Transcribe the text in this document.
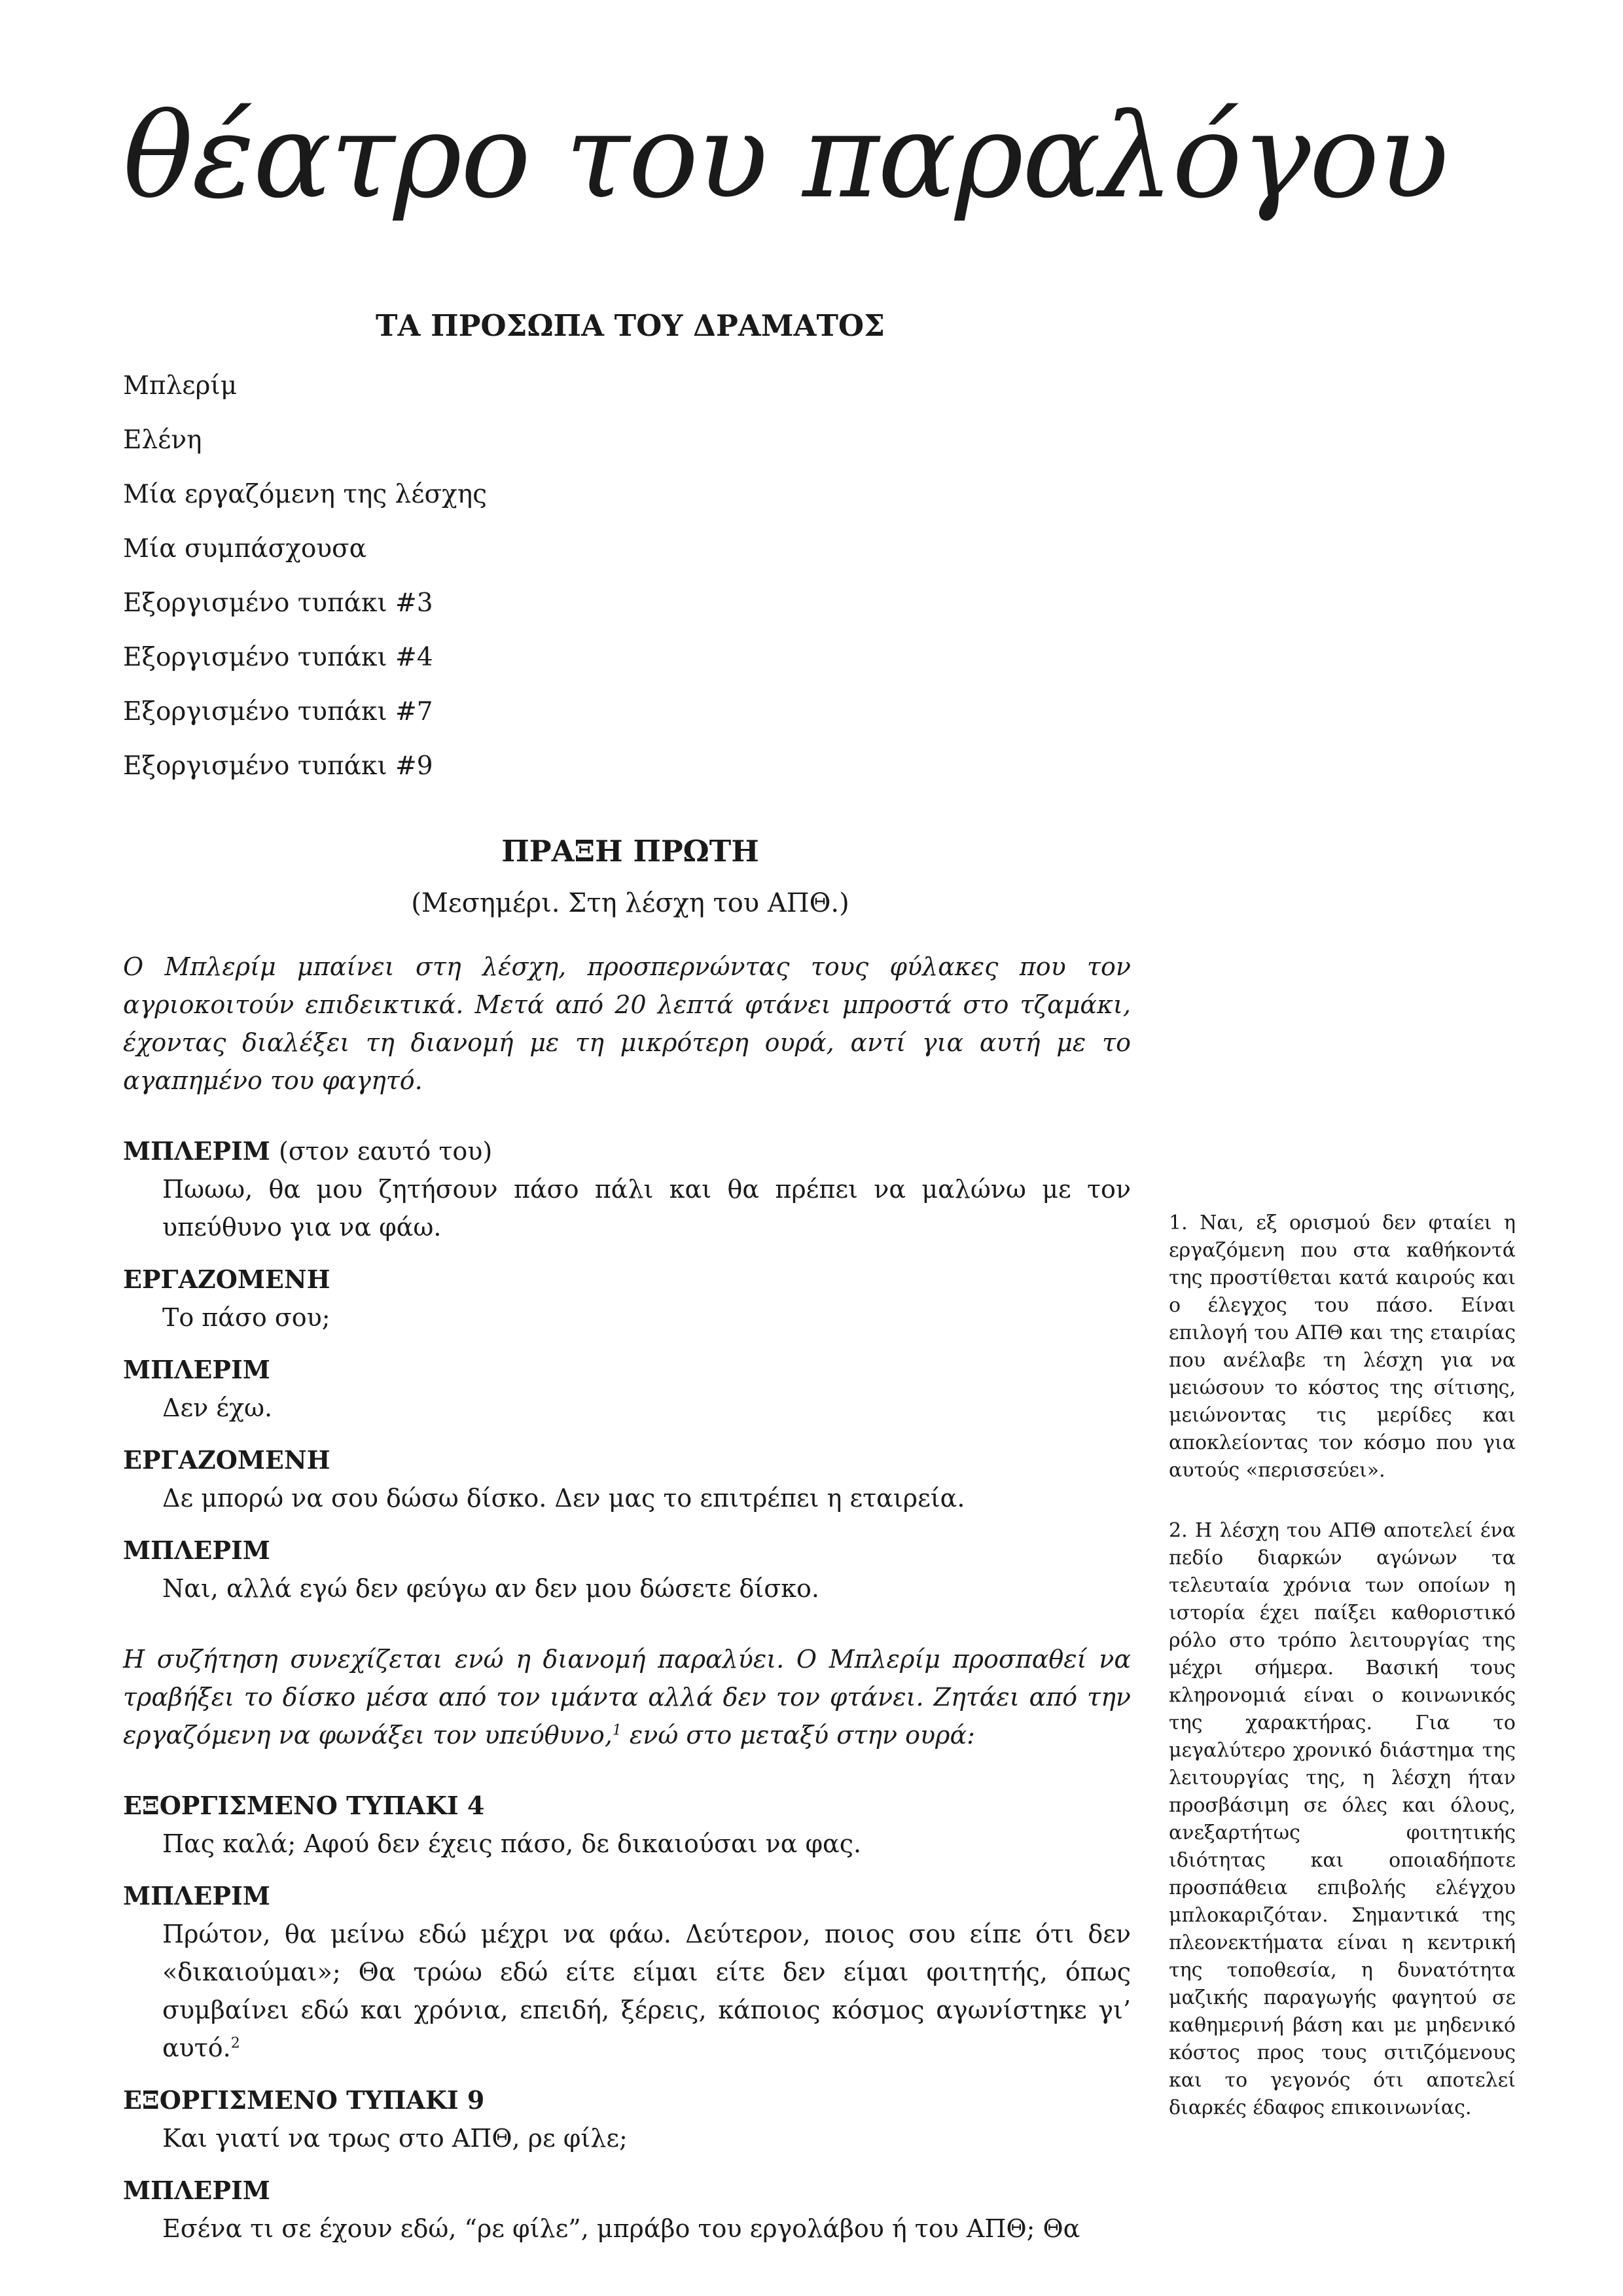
θέατρο του παραλόγου
ΤΑ ΠΡΟΣΩΠΑ ΤΟΥ ΔΡΑΜΑΤΟΣ
Μπλερίμ
Ελένη
Μία εργαζόμενη της λέσχης
Μία συμπάσχουσα
Εξοργισμένο τυπάκι #3
Εξοργισμένο τυπάκι #4
Εξοργισμένο τυπάκι #7
Εξοργισμένο τυπάκι #9
ΠΡΑΞΗ ΠΡΩΤΗ
(Μεσημέρι. Στη λέσχη του ΑΠΘ.)

Ο Μπλερίμ μπαίνει στη λέσχη, προσπερνώντας τους φύλακες που τον αγριοκοιτούν επιδεικτικά. Μετά από 20 λεπτά φτάνει μπροστά στο τζαμάκι, έχοντας διαλέξει τη διανομή με τη μικρότερη ουρά, αντί για αυτή με το αγαπημένο του φαγητό.

ΜΠΛΕΡΙΜ (στον εαυτό του)

Πωωω, θα μου ζητήσουν πάσο πάλι και θα πρέπει να μαλώνω με τον υπεύθυνο για να φάω.

ΕΡΓΑΖΟΜΕΝΗ

Το πάσο σου;

ΜΠΛΕΡΙΜ

Δεν έχω.

ΕΡΓΑΖΟΜΕΝΗ

Δε μπορώ να σου δώσω δίσκο. Δεν μας το επιτρέπει η εταιρεία.

ΜΠΛΕΡΙΜ

Ναι, αλλά εγώ δεν φεύγω αν δεν μου δώσετε δίσκο.

Η συζήτηση συνεχίζεται ενώ η διανομή παραλύει. Ο Μπλερίμ προσπαθεί να τραβήξει το δίσκο μέσα από τον ιμάντα αλλά δεν τον φτάνει. Ζητάει από την εργαζόμενη να φωνάξει τον υπεύθυνο,$^1$ ενώ στο μεταξύ στην ουρά:

ΕΞΟΡΓΙΣΜΕΝΟ ΤΥΠΑΚΙ 4

Πας καλά; Αφού δεν έχεις πάσο, δε δικαιούσαι να φας.

ΜΠΛΕΡΙΜ

Πρώτον, θα μείνω εδώ μέχρι να φάω. Δεύτερον, ποιος σου είπε ότι δεν «δικαιούμαι»; Θα τρώω εδώ είτε είμαι είτε δεν είμαι φοιτητής, όπως συμβαίνει εδώ και χρόνια, επειδή, ξέρεις, κάποιος κόσμος αγωνίστηκε γι’ αυτό.$^2$

ΕΞΟΡΓΙΣΜΕΝΟ ΤΥΠΑΚΙ 9

Και γιατί να τρως στο ΑΠΘ, ρε φίλε;

ΜΠΛΕΡΙΜ

Εσένα τι σε έχουν εδώ, “ρε φίλε”, μπράβο του εργολάβου ή του ΑΠΘ; Θα

1. Ναι, εξ ορισμού δεν φταίει η εργαζόμενη που στα καθήκοντά της προστίθεται κατά καιρούς και ο έλεγχος του πάσο. Είναι επιλογή του ΑΠΘ και της εταιρίας που ανέλαβε τη λέσχη για να μειώσουν το κόστος της σίτισης, μειώνοντας τις μερίδες και αποκλείοντας τον κόσμο που για αυτούς «περισσεύει».

2. Η λέσχη του ΑΠΘ αποτελεί ένα πεδίο διαρκών αγώνων τα τελευταία χρόνια των οποίων η ιστορία έχει παίξει καθοριστικό ρόλο στο τρόπο λειτουργίας της μέχρι σήμερα. Βασική τους κληρονομιά είναι ο κοινωνικός της χαρακτήρας. Για το μεγαλύτερο χρονικό διάστημα της λειτουργίας της, η λέσχη ήταν προσβάσιμη σε όλες και όλους, ανεξαρτήτως φοιτητικής ιδιότητας και οποιαδήποτε προσπάθεια επιβολής ελέγχου μπλοκαριζόταν. Σημαντικά της πλεονεκτήματα είναι η κεντρική της τοποθεσία, η δυνατότητα μαζικής παραγωγής φαγητού σε καθημερινή βάση και με μηδενικό κόστος προς τους σιτιζόμενους και το γεγονός ότι αποτελεί διαρκές έδαφος επικοινωνίας.
